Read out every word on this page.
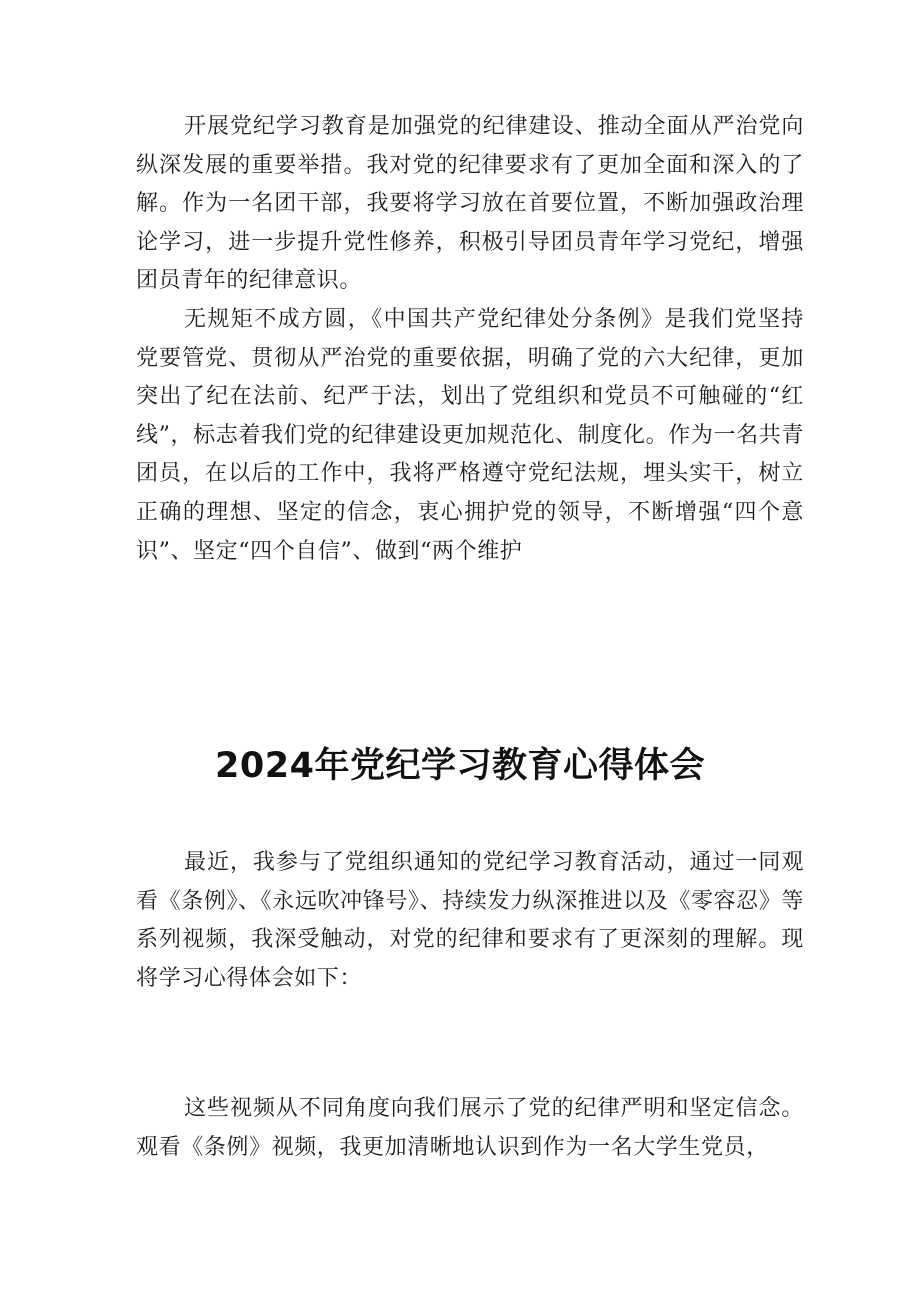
开展党纪学习教育是加强党的纪律建设、推动全面从严治党向纵深发展的重要举措。我对党的纪律要求有了更加全面和深入的了解。作为一名团干部，我要将学习放在首要位置，不断加强政治理论学习，进一步提升党性修养，积极引导团员青年学习党纪，增强团员青年的纪律意识。

无规矩不成方圆，《中国共产党纪律处分条例》是我们党坚持党要管党、贯彻从严治党的重要依据，明确了党的六大纪律，更加突出了纪在法前、纪严于法，划出了党组织和党员不可触碰的“红线”，标志着我们党的纪律建设更加规范化、制度化。作为一名共青团员，在以后的工作中，我将严格遵守党纪法规，埋头实干，树立正确的理想、坚定的信念，衷心拥护党的领导，不断增强“四个意识”、坚定“四个自信”、做到“两个维护

2024年党纪学习教育心得体会

最近，我参与了党组织通知的党纪学习教育活动，通过一同观看《条例》、《永远吹冲锋号》、持续发力纵深推进以及《零容忍》等系列视频，我深受触动，对党的纪律和要求有了更深刻的理解。现将学习心得体会如下：

这些视频从不同角度向我们展示了党的纪律严明和坚定信念。观看《条例》视频，我更加清晰地认识到作为一名大学生党员，
